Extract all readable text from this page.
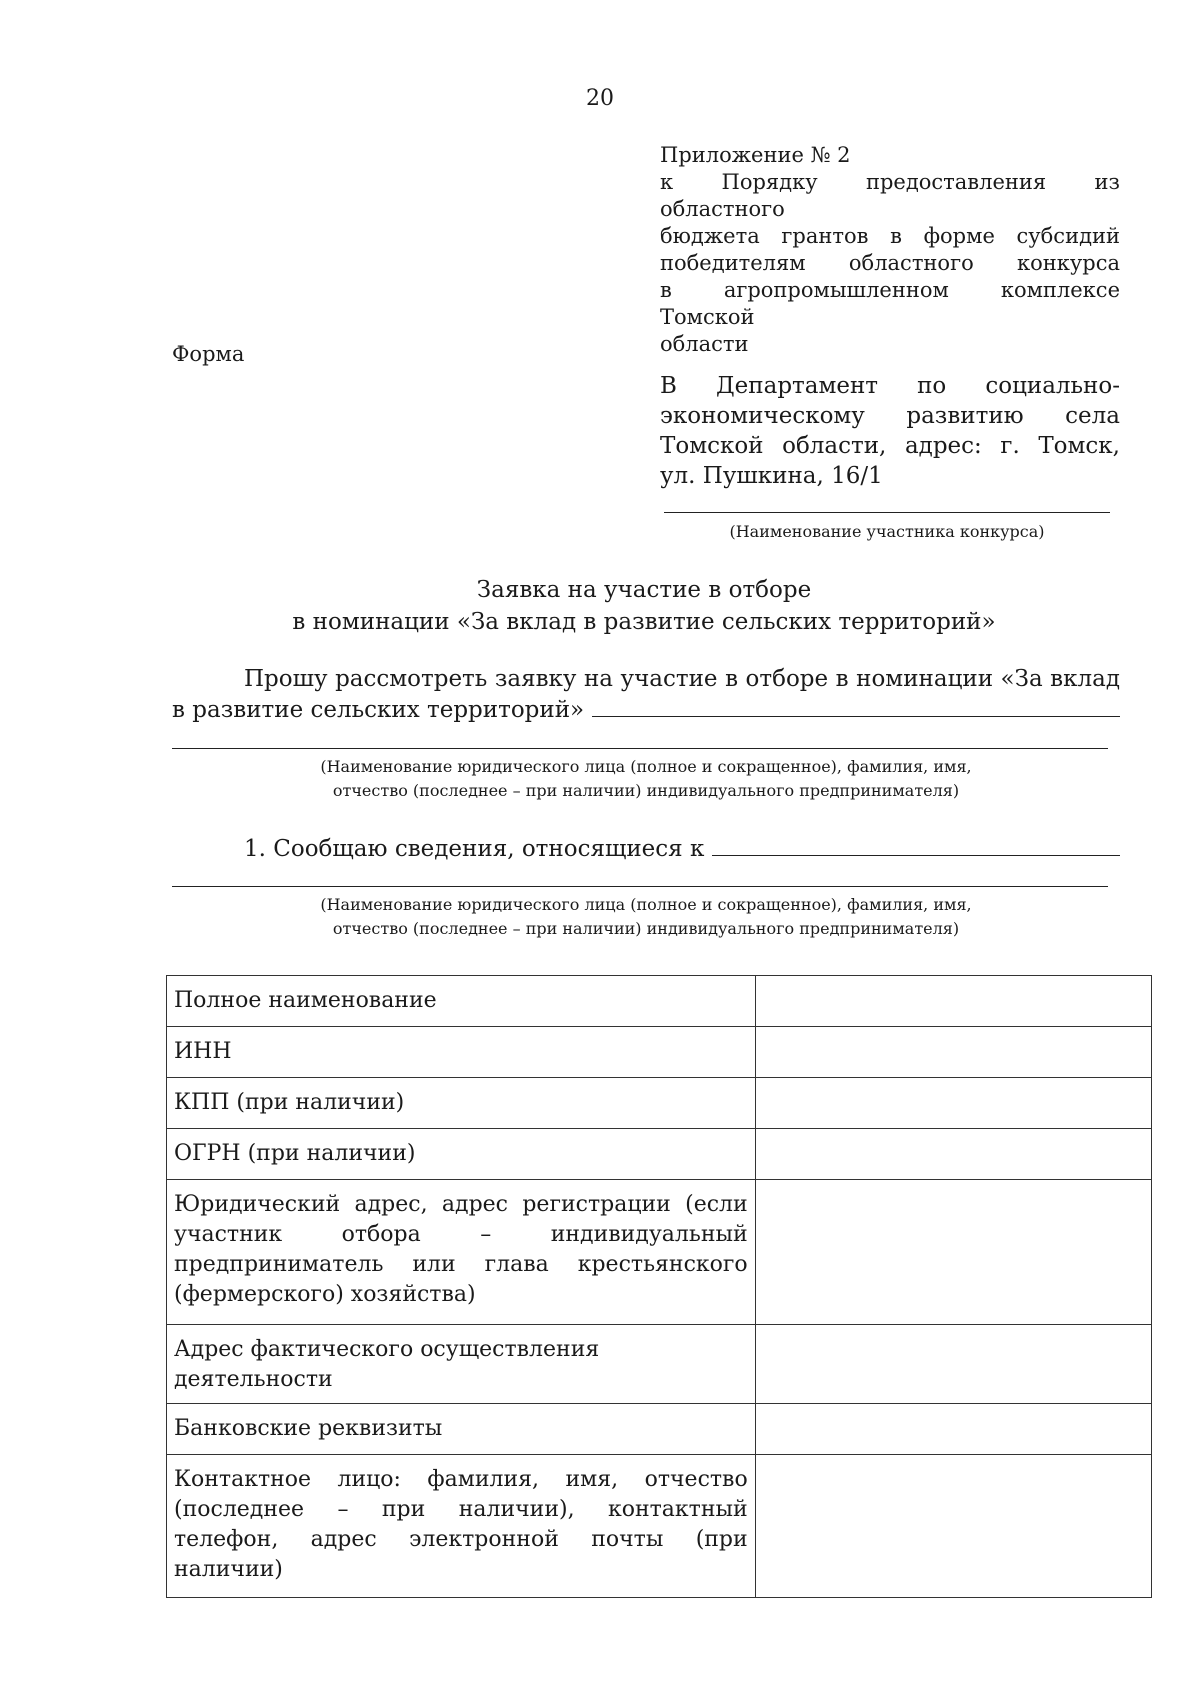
20
Приложение № 2
к Порядку предоставления из областного
бюджета грантов в форме субсидий
победителям областного конкурса
в агропромышленном комплексе Томской
области
Форма
В Департамент по социально-
экономическому развитию села
Томской области, адрес: г. Томск,
ул. Пушкина, 16/1
(Наименование участника конкурса)
Заявка на участие в отборе
в номинации «За вклад в развитие сельских территорий»
Прошу рассмотреть заявку на участие в отборе в номинации «За вклад
в развитие сельских территорий»
(Наименование юридического лица (полное и сокращенное), фамилия, имя,
отчество (последнее – при наличии) индивидуального предпринимателя)
1. Сообщаю сведения, относящиеся к
(Наименование юридического лица (полное и сокращенное), фамилия, имя,
отчество (последнее – при наличии) индивидуального предпринимателя)
Полное наименование	
ИНН	
КПП (при наличии)	
ОГРН (при наличии)	
Юридический адрес, адрес регистрации (если участник отбора – индивидуальный предприниматель или глава крестьянского (фермерского) хозяйства)	
Адрес фактического осуществления деятельности	
Банковские реквизиты	
Контактное лицо: фамилия, имя, отчество (последнее – при наличии), контактный телефон, адрес электронной почты (при наличии)	
